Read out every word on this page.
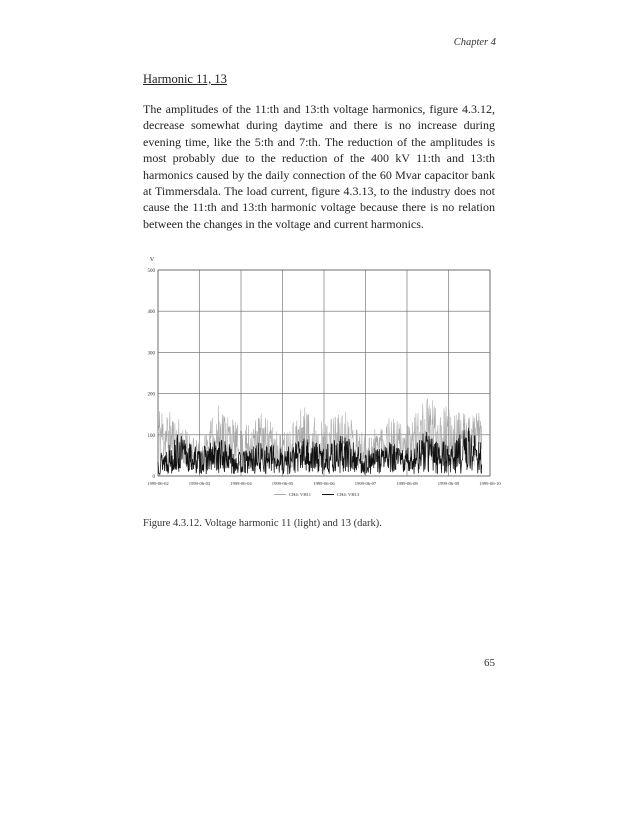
Chapter 4
Harmonic 11, 13

The amplitudes of the 11:th and 13:th voltage harmonics, figure 4.3.12, decrease somewhat during daytime and there is no increase during evening time, like the 5:th and 7:th. The reduction of the amplitudes is most probably due to the reduction of the 400 kV 11:th and 13:th harmonics caused by the daily connection of the 60 Mvar capacitor bank at Timmersdala. The load current, figure 4.3.13, to the industry does not cause the 11:th and 13:th harmonic voltage because there is no relation between the changes in the voltage and current harmonics.

0
100
200
300
400
500
V
1999-06-02	1999-06-03	1999-06-04	1999-06-05	1999-06-06	1999-06-07	1999-06-08	1999-06-09	1999-06-10
CH4: VH11	CH4: VH13
Figure 4.3.12. Voltage harmonic 11 (light) and 13 (dark).
65
